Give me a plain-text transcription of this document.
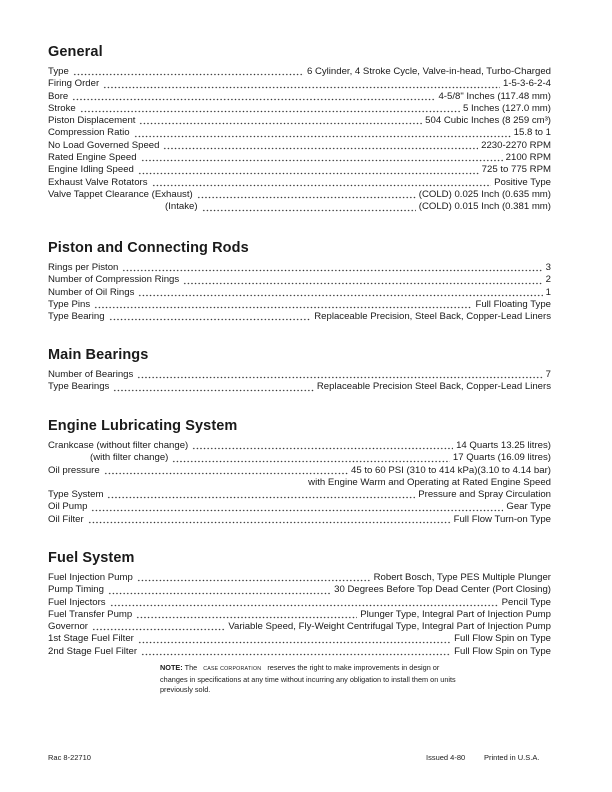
General
Type	6 Cylinder, 4 Stroke Cycle, Valve-in-head, Turbo-Charged
Firing Order	1-5-3-6-2-4
Bore	4-5/8" Inches (117.48 mm)
Stroke	5 Inches (127.0 mm)
Piston Displacement	504 Cubic Inches (8 259 cm³)
Compression Ratio	15.8 to 1
No Load Governed Speed	2230-2270 RPM
Rated Engine Speed	2100 RPM
Engine Idling Speed	725 to 775 RPM
Exhaust Valve Rotators	Positive Type
Valve Tappet Clearance (Exhaust)	(COLD) 0.025 Inch (0.635 mm)
(Intake)	(COLD) 0.015 Inch (0.381 mm)
Piston and Connecting Rods
Rings per Piston	3
Number of Compression Rings	2
Number of Oil Rings	1
Type Pins	Full Floating Type
Type Bearing	Replaceable Precision, Steel Back, Copper-Lead Liners
Main Bearings
Number of Bearings	7
Type Bearings	Replaceable Precision Steel Back, Copper-Lead Liners
Engine Lubricating System
Crankcase (without filter change)	14 Quarts 13.25 litres)
(with filter change)	17 Quarts (16.09 litres)
Oil pressure	45 to 60 PSI (310 to 414 kPa)(3.10 to 4.14 bar)
with Engine Warm and Operating at Rated Engine Speed
Type System	Pressure and Spray Circulation
Oil Pump	Gear Type
Oil Filter	Full Flow Turn-on Type
Fuel System
Fuel Injection Pump	Robert Bosch, Type PES Multiple Plunger
Pump Timing	30 Degrees Before Top Dead Center (Port Closing)
Fuel Injectors	Pencil Type
Fuel Transfer Pump	Plunger Type, Integral Part of Injection Pump
Governor	Variable Speed, Fly-Weight Centrifugal Type, Integral Part of Injection Pump
1st Stage Fuel Filter	Full Flow Spin on Type
2nd Stage Fuel Filter	Full Flow Spin on Type
NOTE: The CASE CORPORATION reserves the right to make improvements in design or changes in specifications at any time without incurring any obligation to install them on units previously sold.
Rac 8-22710	Issued 4-80	Printed in U.S.A.
